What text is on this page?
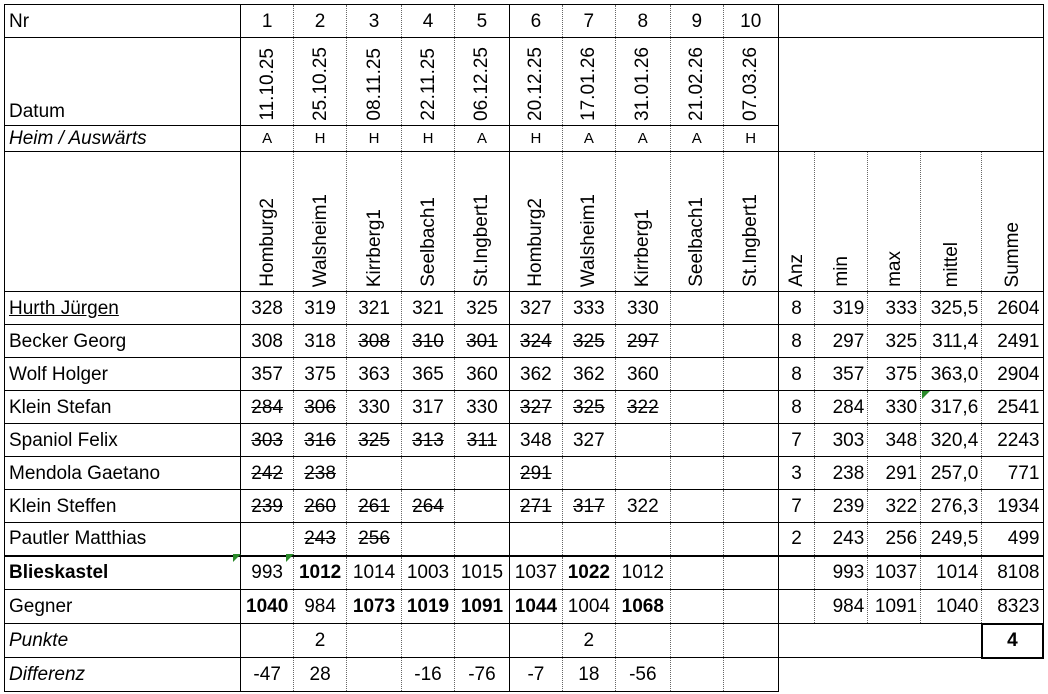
Nr	1	2	3	4	5	6	7	8	9	10					
Datum	11.10.25	25.10.25	08.11.25	22.11.25	06.12.25	20.12.25	17.01.26	31.01.26	21.02.26	07.03.26					

Heim / Auswärts	A	H	H	H	A	H	A	A	A	H					

	Homburg2	Walsheim1	Kirrberg1	Seelbach1	St.Ingbert1	Homburg2	Walsheim1	Kirrberg1	Seelbach1	St.Ingbert1	Anz	min	max	mittel	Summe

Hurth Jürgen	328	319	321	321	325	327	333	330			8	319	333	325,5	2604
Becker Georg	308	318	308	310	301	324	325	297			8	297	325	311,4	2491
Wolf Holger	357	375	363	365	360	362	362	360			8	357	375	363,0	2904
Klein Stefan	284	306	330	317	330	327	325	322			8	284	330	317,6	2541
Spaniol Felix	303	316	325	313	311	348	327				7	303	348	320,4	2243
Mendola Gaetano	242	238				291					3	238	291	257,0	771
Klein Steffen	239	260	261	264		271	317	322			7	239	322	276,3	1934
Pautler Matthias		243	256								2	243	256	249,5	499
Blieskastel	993	1012	1014	1003	1015	1037	1022	1012				993	1037	1014	8108
Gegner	1040	984	1073	1019	1091	1044	1004	1068				984	1091	1040	8323
Punkte		2					2								4
Differenz	-47	28		-16	-76	-7	18	-56							
